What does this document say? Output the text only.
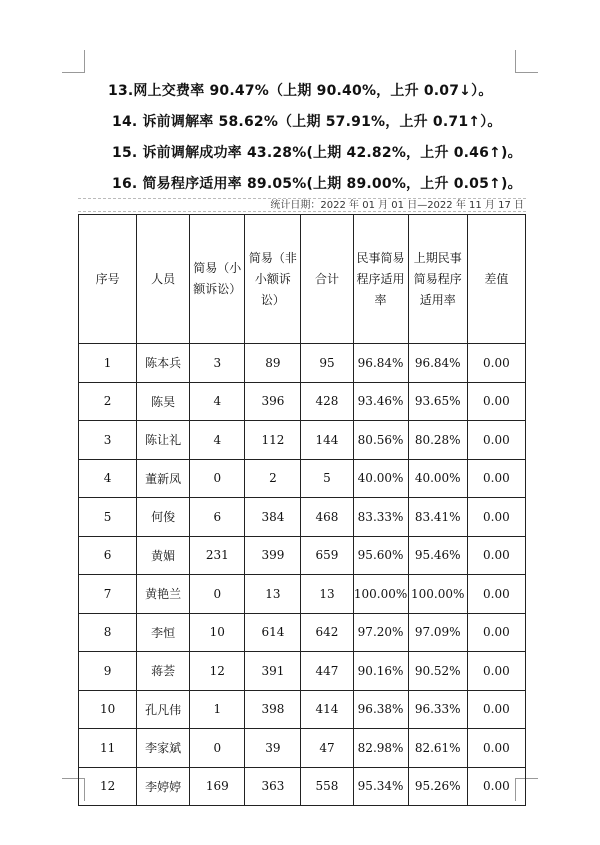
13.网上交费率 90.47%（上期 90.40%，上升 0.07↓）。
14. 诉前调解率 58.62%（上期 57.91%，上升 0.71↑）。
15. 诉前调解成功率 43.28%(上期 42.82%，上升 0.46↑)。
16. 简易程序适用率 89.05%(上期 89.00%，上升 0.05↑)。
统计日期：2022 年 01 月 01 日—2022 年 11 月 17 日
序号	人员	简易（小额诉讼）	简易（非小额诉讼）	合计	民事简易程序适用率	上期民事简易程序适用率	差值

1	陈本兵	3	89	95	96.84%	96.84%	0.00
2	陈昊	4	396	428	93.46%	93.65%	0.00
3	陈让礼	4	112	144	80.56%	80.28%	0.00
4	董新凤	0	2	5	40.00%	40.00%	0.00
5	何俊	6	384	468	83.33%	83.41%	0.00
6	黄媚	231	399	659	95.60%	95.46%	0.00
7	黄艳兰	0	13	13	100.00%	100.00%	0.00
8	李恒	10	614	642	97.20%	97.09%	0.00
9	蒋荟	12	391	447	90.16%	90.52%	0.00
10	孔凡伟	1	398	414	96.38%	96.33%	0.00
11	李家斌	0	39	47	82.98%	82.61%	0.00
12	李婷婷	169	363	558	95.34%	95.26%	0.00
